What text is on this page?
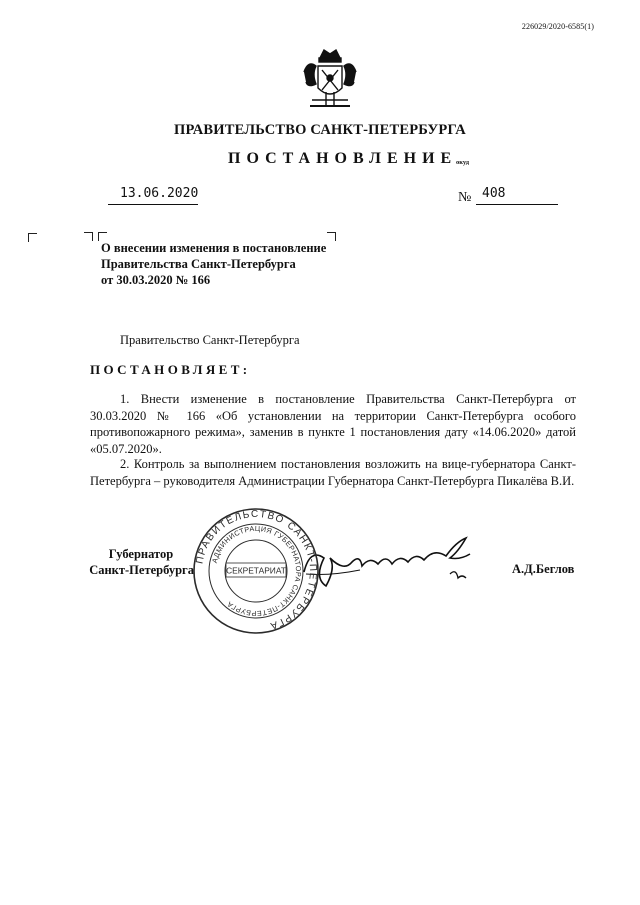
226029/2020-6585(1)
ПРАВИТЕЛЬСТВО САНКТ-ПЕТЕРБУРГА
ПОСТАНОВЛЕНИЕ
окуд
13.06.2020	№ 408
О внесении изменения в постановление
Правительства Санкт-Петербурга
от 30.03.2020 № 166
Правительство Санкт-Петербурга
ПОСТАНОВЛЯЕТ:
1. Внести изменение в постановление Правительства Санкт-Петербурга от 30.03.2020 № 166 «Об установлении на территории Санкт-Петербурга особого противопожарного режима», заменив в пункте 1 постановления дату «14.06.2020» датой «05.07.2020».
2. Контроль за выполнением постановления возложить на вице-губернатора Санкт-Петербурга – руководителя Администрации Губернатора Санкт-Петербурга Пикалёва В.И.
Губернатор
Санкт-Петербурга
ПРАВИТЕЛЬСТВО САНКТ-ПЕТЕРБУРГА
АДМИНИСТРАЦИЯ ГУБЕРНАТОРА САНКТ-ПЕТЕРБУРГА
СЕКРЕТАРИАТ	А.Д.Беглов
